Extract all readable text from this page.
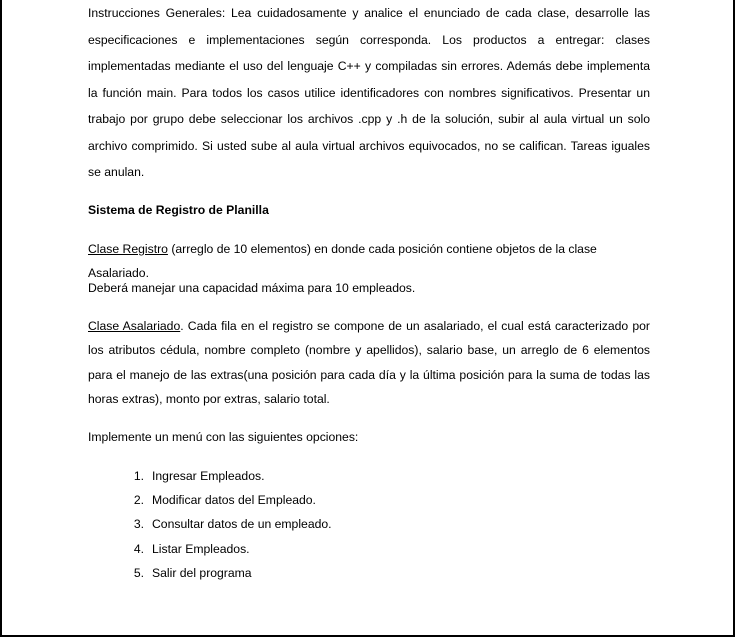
Instrucciones Generales: Lea cuidadosamente y analice el enunciado de cada clase, desarrolle las especificaciones e implementaciones según corresponda. Los productos a entregar: clases implementadas mediante el uso del lenguaje C++ y compiladas sin errores. Además debe implementa la función main. Para todos los casos utilice identificadores con nombres significativos. Presentar un trabajo por grupo debe seleccionar los archivos .cpp y .h de la solución, subir al aula virtual un solo archivo comprimido. Si usted sube al aula virtual archivos equivocados, no se califican. Tareas iguales se anulan.

Sistema de Registro de Planilla

Clase Registro (arreglo de 10 elementos) en donde cada posición contiene objetos de la clase Asalariado.

Deberá manejar una capacidad máxima para 10 empleados.

Clase Asalariado. Cada fila en el registro se compone de un asalariado, el cual está caracterizado por los atributos cédula, nombre completo (nombre y apellidos), salario base, un arreglo de 6 elementos para el manejo de las extras(una posición para cada día y la última posición para la suma de todas las horas extras), monto por extras, salario total.

Implemente un menú con las siguientes opciones:

1. Ingresar Empleados.
2. Modificar datos del Empleado.
3. Consultar datos de un empleado.
4. Listar Empleados.
5. Salir del programa
